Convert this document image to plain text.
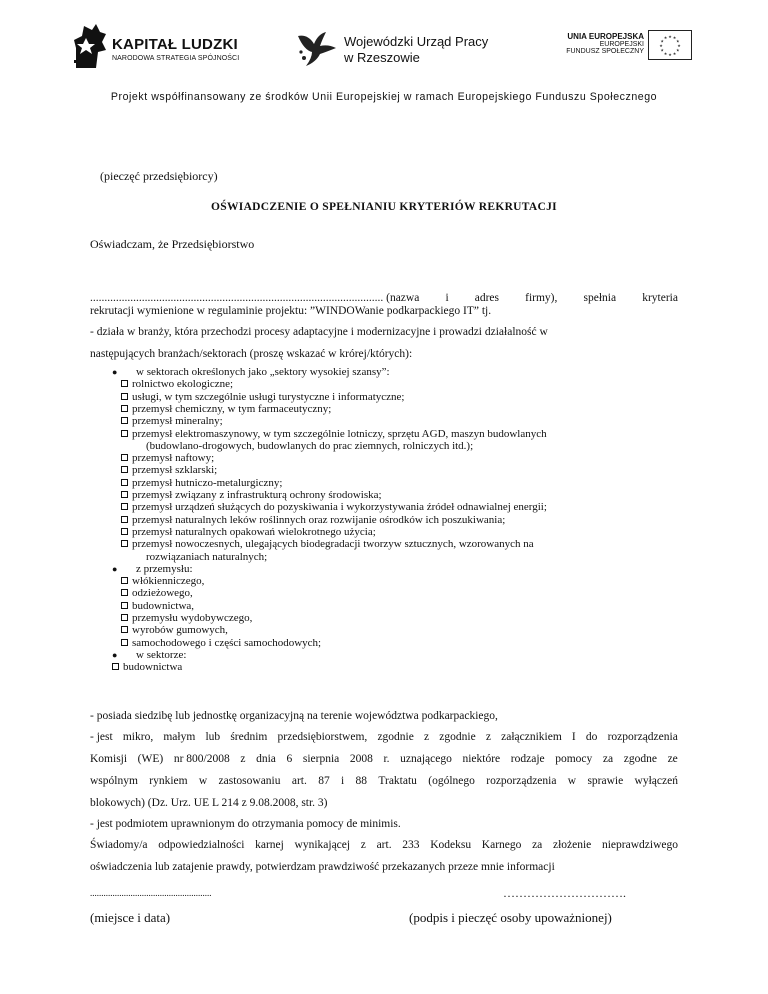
KAPITAŁ LUDZKI
NARODOWA STRATEGIA SPÓJNOŚCI
Wojewódzki Urząd Pracy
w Rzeszowie
UNIA EUROPEJSKA
EUROPEJSKI
FUNDUSZ SPOŁECZNY
★
★
★
★
★
★
★
★
★ ★ ★
★
Projekt współfinansowany ze środków Unii Europejskiej w ramach Europejskiego Funduszu Społecznego
(pieczęć przedsiębiorcy)
OŚWIADCZENIE O SPEŁNIANIU KRYTERIÓW REKRUTACJI
Oświadczam, że Przedsiębiorstwo
...................................................................................................... (nazwa i adres firmy), spełnia kryteria
rekrutacji wymienione w regulaminie projektu: ”WINDOWanie podkarpackiego IT” tj.
- działa w branży, która przechodzi procesy adaptacyjne i modernizacyjne i prowadzi działalność w
następujących branżach/sektorach (proszę wskazać w krórej/których):
● w sektorach określonych jako „sektory wysokiej szansy”:
rolnictwo ekologiczne;
usługi, w tym szczególnie usługi turystyczne i informatyczne;
przemysł chemiczny, w tym farmaceutyczny;
przemysł mineralny;
przemysł elektromaszynowy, w tym szczególnie lotniczy, sprzętu AGD, maszyn budowlanych
(budowlano-drogowych, budowlanych do prac ziemnych, rolniczych itd.);
przemysł naftowy;
przemysł szklarski;
przemysł hutniczo-metalurgiczny;
przemysł związany z infrastrukturą ochrony środowiska;
przemysł urządzeń służących do pozyskiwania i wykorzystywania źródeł odnawialnej energii;
przemysł naturalnych leków roślinnych oraz rozwijanie ośrodków ich poszukiwania;
przemysł naturalnych opakowań wielokrotnego użycia;
przemysł nowoczesnych, ulegających biodegradacji tworzyw sztucznych, wzorowanych na
rozwiązaniach naturalnych;
● z przemysłu:
włókienniczego,
odzieżowego,
budownictwa,
przemysłu wydobywczego,
wyrobów gumowych,
samochodowego i części samochodowych;
● w sektorze:
budownictwa
- posiada siedzibę lub jednostkę organizacyjną na terenie województwa podkarpackiego,
- jest mikro, małym lub średnim przedsiębiorstwem, zgodnie z zgodnie z załącznikiem I do rozporządzenia
Komisji (WE) nr 800/2008 z dnia 6 sierpnia 2008 r. uznającego niektóre rodzaje pomocy za zgodne ze
wspólnym rynkiem w zastosowaniu art. 87 i 88 Traktatu (ogólnego rozporządzenia w sprawie wyłączeń
blokowych) (Dz. Urz. UE L 214 z 9.08.2008, str. 3)
- jest podmiotem uprawnionym do otrzymania pomocy de minimis.
Świadomy/a odpowiedzialności karnej wynikającej z art. 233 Kodeksu Karnego za złożenie nieprawdziwego
oświadczenia lub zatajenie prawdy, potwierdzam prawdziwość przekazanych przeze mnie informacji
......................................................	………………………….
(miejsce i data)	(podpis i pieczęć osoby upoważnionej)
